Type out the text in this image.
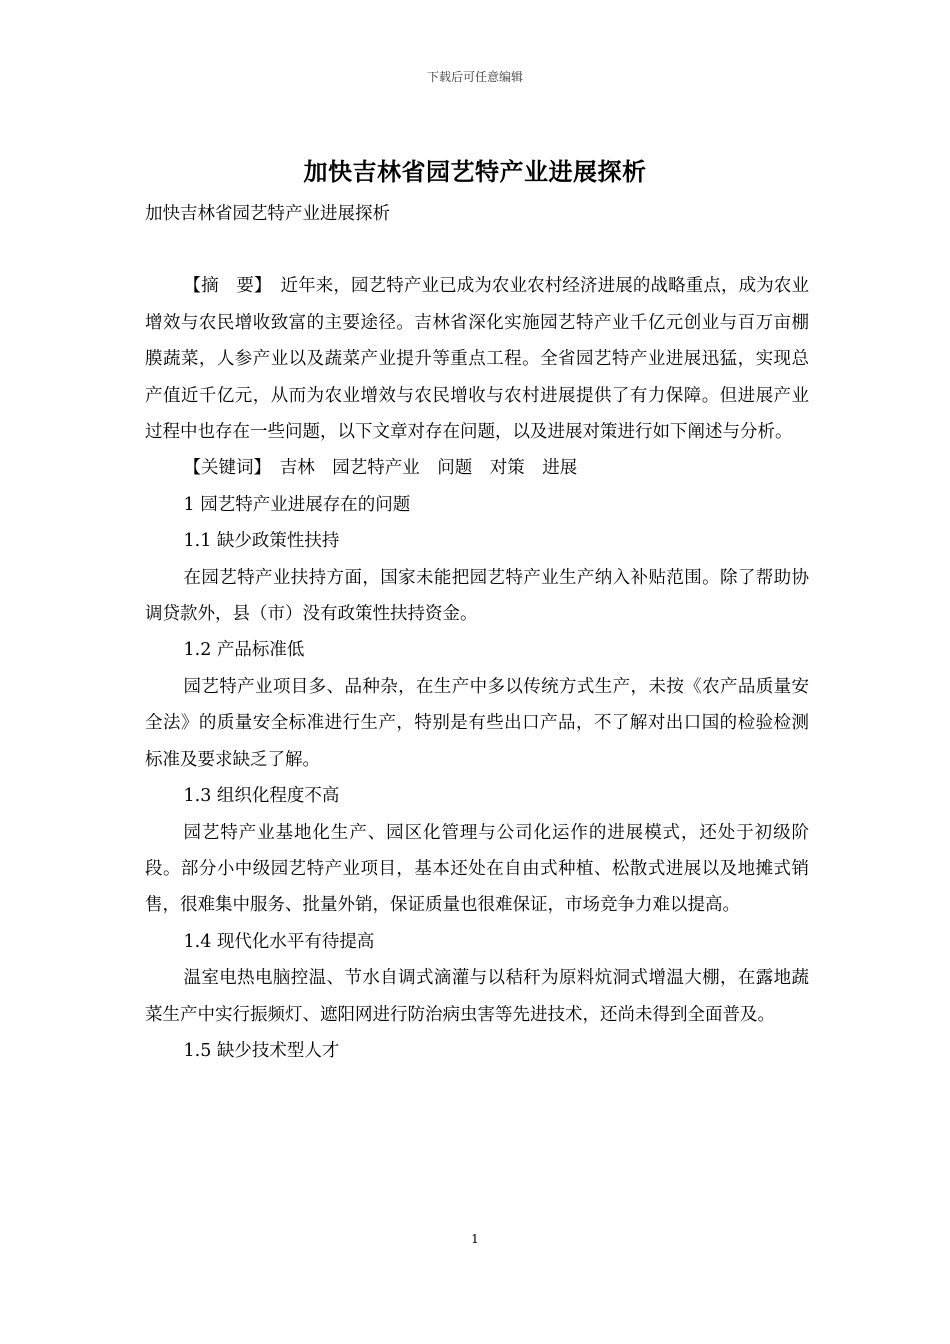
下载后可任意编辑
加快吉林省园艺特产业进展探析

加快吉林省园艺特产业进展探析

【摘　要】　近年来，园艺特产业已成为农业农村经济进展的战略重点，成为农业增效与农民增收致富的主要途径。吉林省深化实施园艺特产业千亿元创业与百万亩棚膜蔬菜，人参产业以及蔬菜产业提升等重点工程。全省园艺特产业进展迅猛，实现总产值近千亿元，从而为农业增效与农民增收与农村进展提供了有力保障。但进展产业过程中也存在一些问题，以下文章对存在问题，以及进展对策进行如下阐述与分析。

【关键词】　吉林　园艺特产业　问题　对策　进展

1 园艺特产业进展存在的问题

1.1 缺少政策性扶持

在园艺特产业扶持方面，国家未能把园艺特产业生产纳入补贴范围。除了帮助协调贷款外，县（市）没有政策性扶持资金。

1.2 产品标准低

园艺特产业项目多、品种杂，在生产中多以传统方式生产，未按《农产品质量安全法》的质量安全标准进行生产，特别是有些出口产品，不了解对出口国的检验检测标准及要求缺乏了解。

1.3 组织化程度不高

园艺特产业基地化生产、园区化管理与公司化运作的进展模式，还处于初级阶段。部分小中级园艺特产业项目，基本还处在自由式种植、松散式进展以及地摊式销售，很难集中服务、批量外销，保证质量也很难保证，市场竞争力难以提高。

1.4 现代化水平有待提高

温室电热电脑控温、节水自调式滴灌与以秸秆为原料炕洞式增温大棚，在露地蔬菜生产中实行振频灯、遮阳网进行防治病虫害等先进技术，还尚未得到全面普及。

1.5 缺少技术型人才

1
